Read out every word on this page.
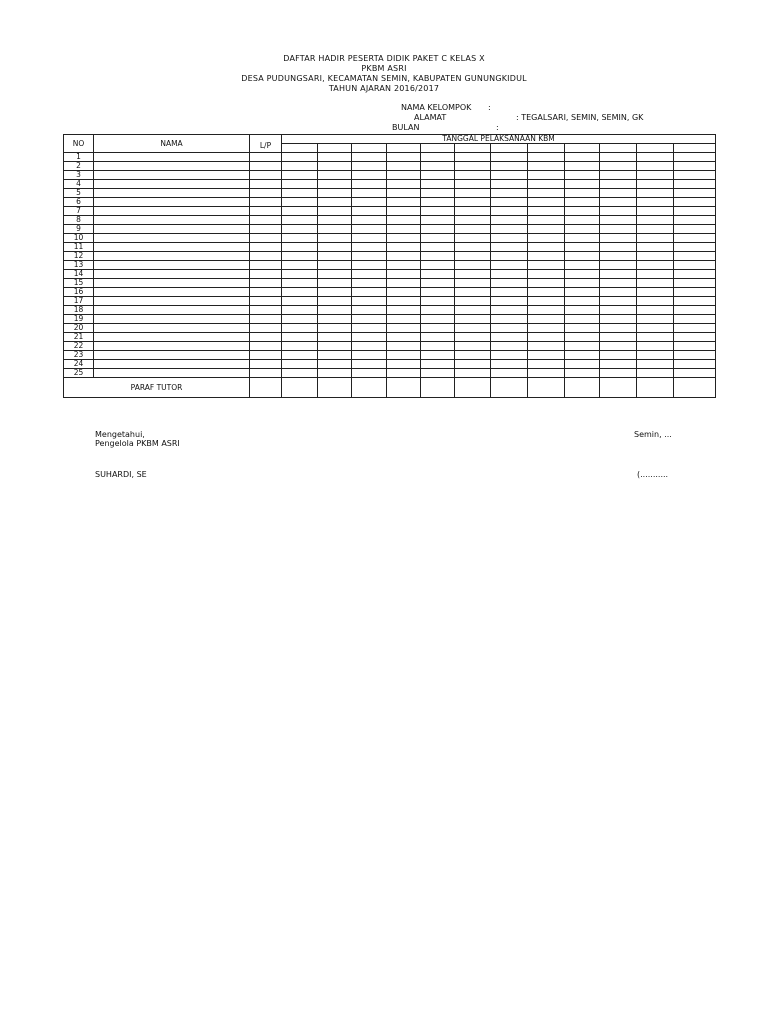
DAFTAR HADIR PESERTA DIDIK PAKET C KELAS X
PKBM ASRI
DESA PUDUNGSARI, KECAMATAN SEMIN, KABUPATEN GUNUNGKIDUL
TAHUN AJARAN 2016/2017
NAMA KELOMPOK :
ALAMAT	: TEGALSARI, SEMIN, SEMIN, GK
BULAN	:
NO	NAMA	L/P	TANGGAL PELAKSANAAN KBM											

1														
2														
3														
4														
5														
6														
7														
8														
9														
10														
11														
12														
13														
14														
15														
16														
17														
18														
19														
20														
21														
22														
23														
24														
25														
PARAF TUTOR														
Mengetahui,
Pengelola PKBM ASRI
SUHARDI, SE
Semin, ...
(...........
